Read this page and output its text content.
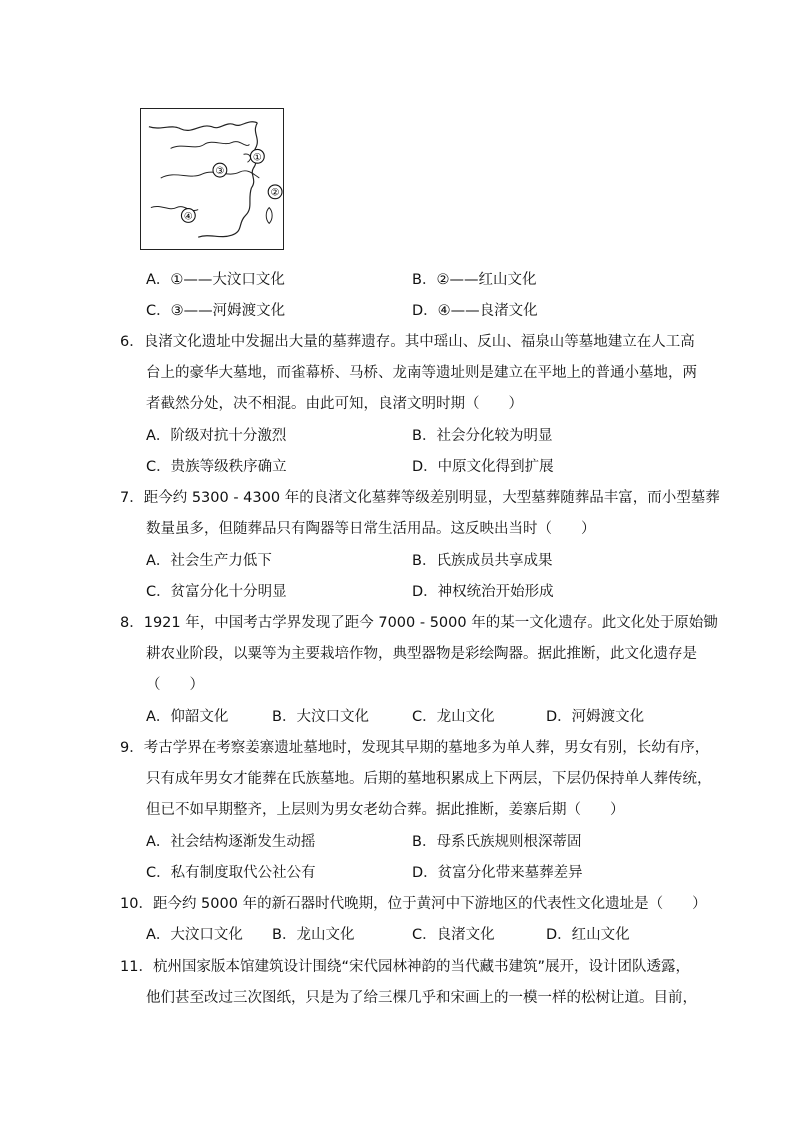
③
①
②
④
A．①——大汶口文化	B．②——红山文化
C．③——河姆渡文化	D．④——良渚文化
6．良渚文化遗址中发掘出大量的墓葬遗存。其中瑶山、反山、福泉山等墓地建立在人工高
台上的豪华大墓地，而雀幕桥、马桥、龙南等遗址则是建立在平地上的普通小墓地，两
者截然分处，决不相混。由此可知，良渚文明时期（　　）
A．阶级对抗十分激烈	B．社会分化较为明显
C．贵族等级秩序确立	D．中原文化得到扩展
7．距今约 5300 - 4300 年的良渚文化墓葬等级差别明显，大型墓葬随葬品丰富，而小型墓葬
数量虽多，但随葬品只有陶器等日常生活用品。这反映出当时（　　）
A．社会生产力低下	B．氏族成员共享成果
C．贫富分化十分明显	D．神权统治开始形成
8．1921 年，中国考古学界发现了距今 7000 - 5000 年的某一文化遗存。此文化处于原始锄
耕农业阶段，以粟等为主要栽培作物，典型器物是彩绘陶器。据此推断，此文化遗存是
（　　）
A．仰韶文化	B．大汶口文化	C．龙山文化	D．河姆渡文化
9．考古学界在考察姜寨遗址墓地时，发现其早期的墓地多为单人葬，男女有别，长幼有序，
只有成年男女才能葬在氏族墓地。后期的墓地积累成上下两层，下层仍保持单人葬传统，
但已不如早期整齐，上层则为男女老幼合葬。据此推断，姜寨后期（　　）
A．社会结构逐渐发生动摇	B．母系氏族规则根深蒂固
C．私有制度取代公社公有	D．贫富分化带来墓葬差异
10．距今约 5000 年的新石器时代晚期，位于黄河中下游地区的代表性文化遗址是（　　）
A．大汶口文化 B．龙山文化	C．良渚文化	D．红山文化
11．杭州国家版本馆建筑设计围绕“宋代园林神韵的当代藏书建筑”展开，设计团队透露，
他们甚至改过三次图纸，只是为了给三棵几乎和宋画上的一模一样的松树让道。目前，
